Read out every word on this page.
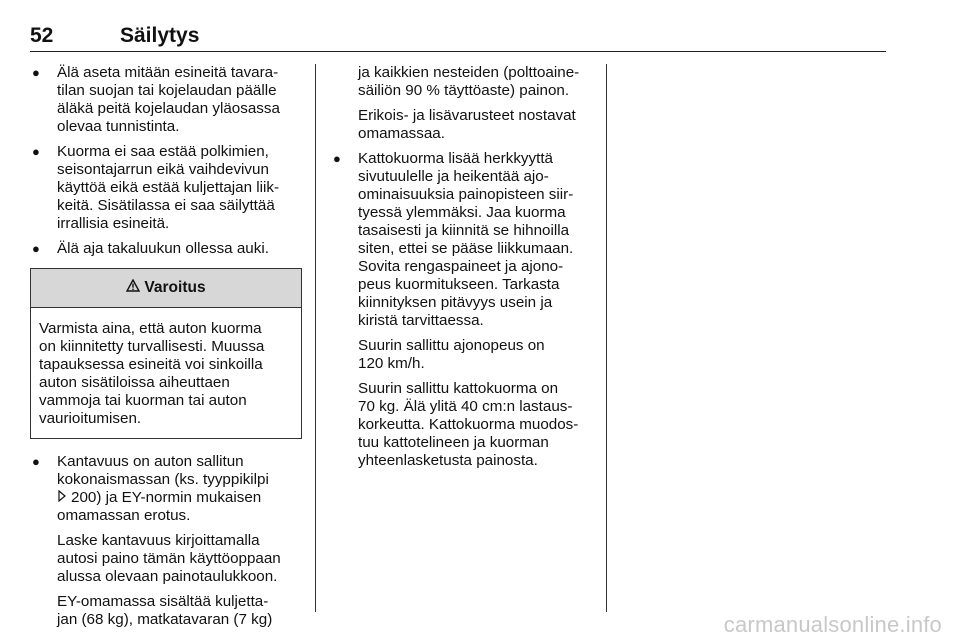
52	Säilytys
● Älä aseta mitään esineitä tavara-
tilan suojan tai kojelaudan päälle
äläkä peitä kojelaudan yläosassa
olevaa tunnistinta.
● Kuorma ei saa estää polkimien,
seisontajarrun eikä vaihdevivun
käyttöä eikä estää kuljettajan liik-
keitä. Sisätilassa ei saa säilyttää
irrallisia esineitä.
● Älä aja takaluukun ollessa auki.
Varoitus
Varmista aina, että auton kuorma
on kiinnitetty turvallisesti. Muussa
tapauksessa esineitä voi sinkoilla
auton sisätiloissa aiheuttaen
vammoja tai kuorman tai auton
vaurioitumisen.
● Kantavuus on auton sallitun
kokonaismassan (ks. tyyppikilpi
200) ja EY-normin mukaisen
omamassan erotus.
Laske kantavuus kirjoittamalla
autosi paino tämän käyttöoppaan
alussa olevaan painotaulukkoon.
EY-omamassa sisältää kuljetta-
jan (68 kg), matkatavaran (7 kg)
ja kaikkien nesteiden (polttoaine-
säiliön 90 % täyttöaste) painon.
Erikois- ja lisävarusteet nostavat
omamassaa.
● Kattokuorma lisää herkkyyttä
sivutuulelle ja heikentää ajo-
ominaisuuksia painopisteen siir-
tyessä ylemmäksi. Jaa kuorma
tasaisesti ja kiinnitä se hihnoilla
siten, ettei se pääse liikkumaan.
Sovita rengaspaineet ja ajono-
peus kuormitukseen. Tarkasta
kiinnityksen pitävyys usein ja
kiristä tarvittaessa.
Suurin sallittu ajonopeus on
120 km/h.
Suurin sallittu kattokuorma on
70 kg. Älä ylitä 40 cm:n lastaus-
korkeutta. Kattokuorma muodos-
tuu kattotelineen ja kuorman
yhteenlasketusta painosta.
carmanualsonline.info
